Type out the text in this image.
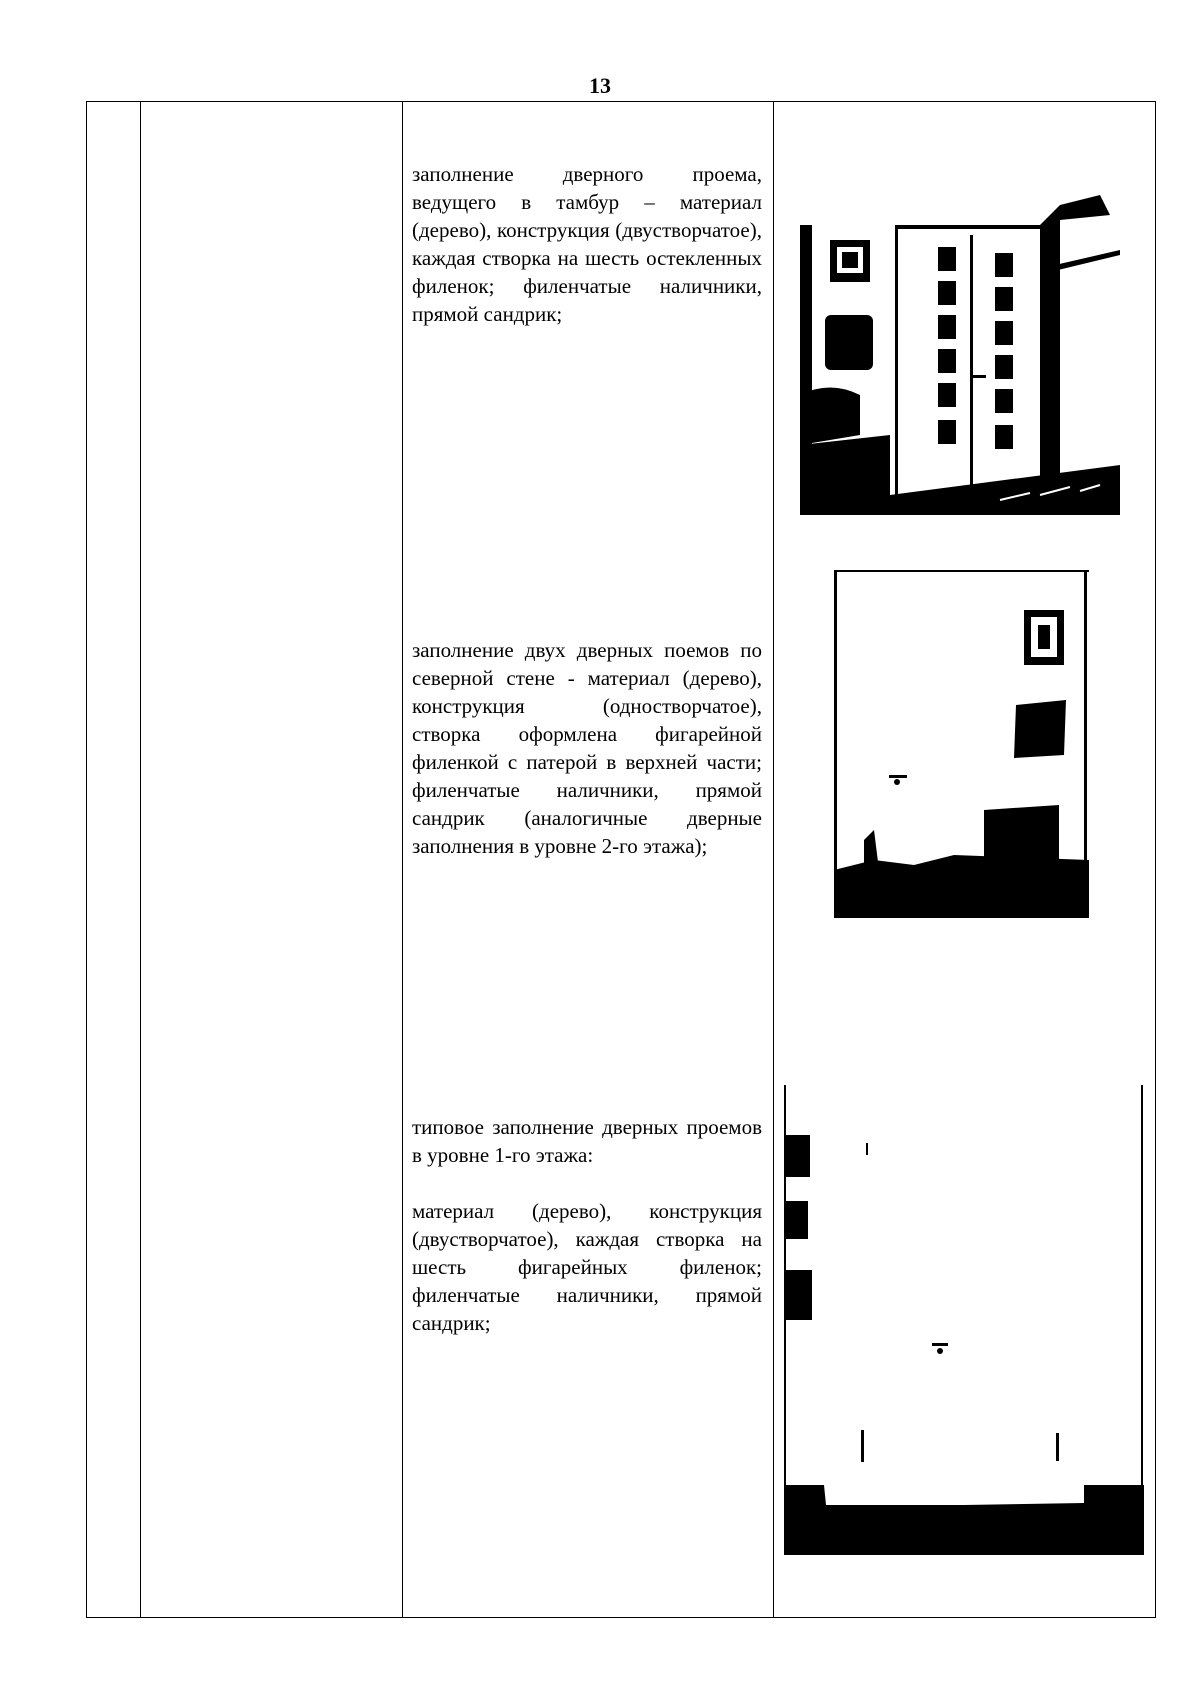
13

заполнение дверного проема, ведущего в тамбур – материал (дерево), конструкция (двустворчатое), каждая створка на шесть остекленных филенок; филенчатые наличники, прямой сандрик;

заполнение двух дверных поемов по северной стене - материал (дерево), конструкция (одностворчатое), створка оформлена фигарейной филенкой с патерой в верхней части; филенчатые наличники, прямой сандрик (аналогичные дверные заполнения в уровне 2-го этажа);

типовое заполнение дверных проемов в уровне 1-го этажа:

материал (дерево), конструкция (двустворчатое), каждая створка на шесть фигарейных филенок; филенчатые наличники, прямой сандрик;
